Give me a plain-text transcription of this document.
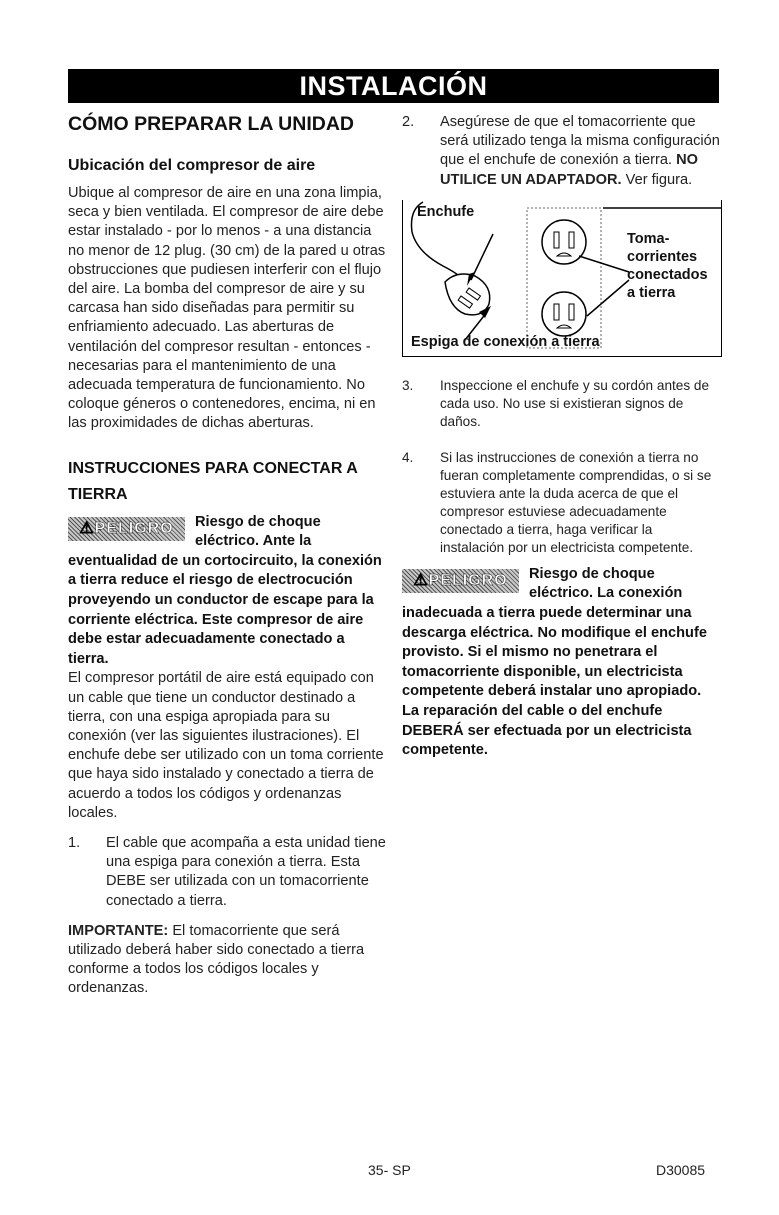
INSTALACIÓN
CÓMO PREPARAR LA UNIDAD
Ubicación del compresor de aire

Ubique al compresor de aire en una zona limpia, seca y bien ventilada. El compresor de aire debe estar instalado - por lo menos - a una distancia no menor de 12 plug. (30 cm) de la pared u otras obstrucciones que pudiesen interferir con el flujo del aire. La bomba del compresor de aire y su carcasa han sido diseñadas para permitir su enfriamiento adecuado. Las aberturas de ventilación del compresor resultan - entonces - necesarias para el mantenimiento de una adecuada temperatura de funcionamiento. No coloque géneros o contenedores, encima, ni en las proximidades de dichas aberturas.

INSTRUCCIONES PARA CONECTAR A TIERRA
⚠PELIGRO	Riesgo de choque eléctrico. Ante la eventualidad de un cortocircuito, la conexión a tierra reduce el riesgo de electrocución proveyendo un conductor de escape para la corriente eléctrica. Este compresor de aire debe estar adecuadamente conectado a tierra.

El compresor portátil de aire está equipado con un cable que tiene un conductor destinado a tierra, con una espiga apropiada para su conexión (ver las siguientes ilustraciones). El enchufe debe ser utilizado con un toma corriente que haya sido instalado y conectado a tierra de acuerdo a todos los códigos y ordenanzas locales.

1. El cable que acompaña a esta unidad tiene una espiga para conexión a tierra. Esta DEBE ser utilizada con un tomacorriente conectado a tierra.

IMPORTANTE: El tomacorriente que será utilizado deberá haber sido conectado a tierra conforme a todos los códigos locales y ordenanzas.

2. Asegúrese de que el tomacorriente que será utilizado tenga la misma configuración que el enchufe de conexión a tierra. NO UTILICE UN ADAPTADOR. Ver figura.
Enchufe
Toma-
corrientes
conectados
a tierra
Espiga de conexión a tierra
3. Inspeccione el enchufe y su cordón antes de cada uso. No use si existieran signos de daños.
4. Si las instrucciones de conexión a tierra no fueran completamente comprendidas, o si se estuviera ante la duda acerca de que el compresor estuviese adecuadamente conectado a tierra, haga verificar la instalación por un electricista competente.
⚠PELIGRO	Riesgo de choque eléctrico. La conexión inadecuada a tierra puede determinar una descarga eléctrica. No modifique el enchufe provisto. Si el mismo no penetrara el tomacorriente disponible, un electricista competente deberá instalar uno apropiado.

La reparación del cable o del enchufe DEBERÁ ser efectuada por un electricista competente.

35- SP	D30085
